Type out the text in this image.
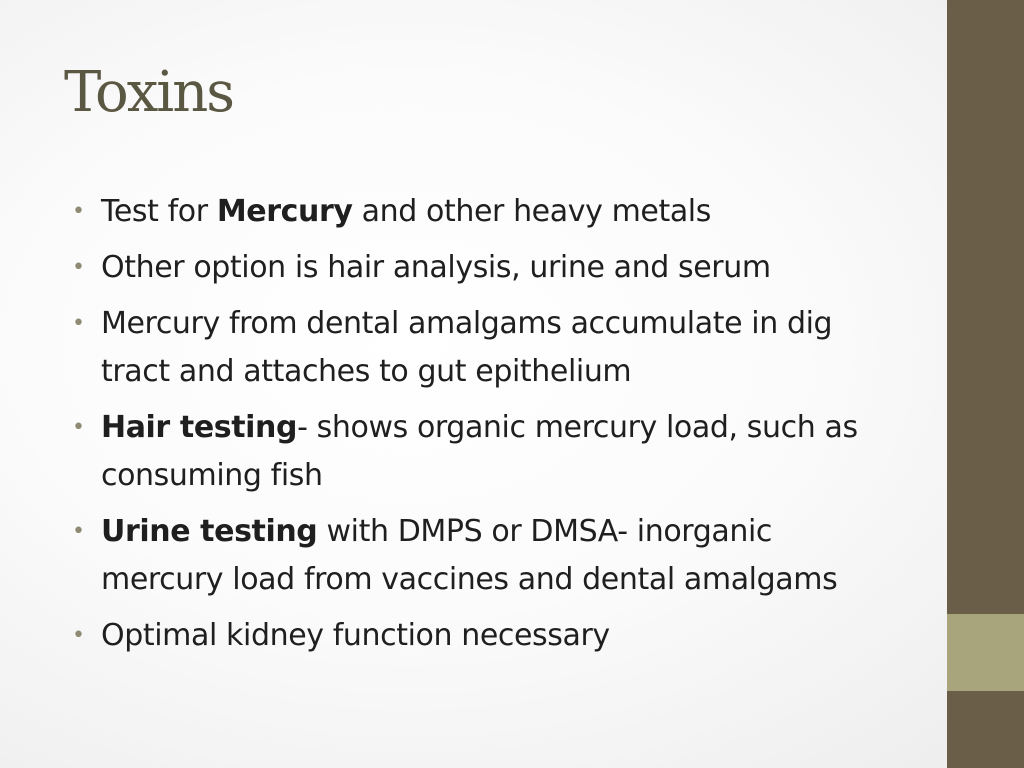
Toxins
• Test for Mercury and other heavy metals
• Other option is hair analysis, urine and serum
• Mercury from dental amalgams accumulate in dig tract and attaches to gut epithelium
• Hair testing- shows organic mercury load, such as consuming fish
• Urine testing with DMPS or DMSA- inorganic mercury load from vaccines and dental amalgams
• Optimal kidney function necessary
